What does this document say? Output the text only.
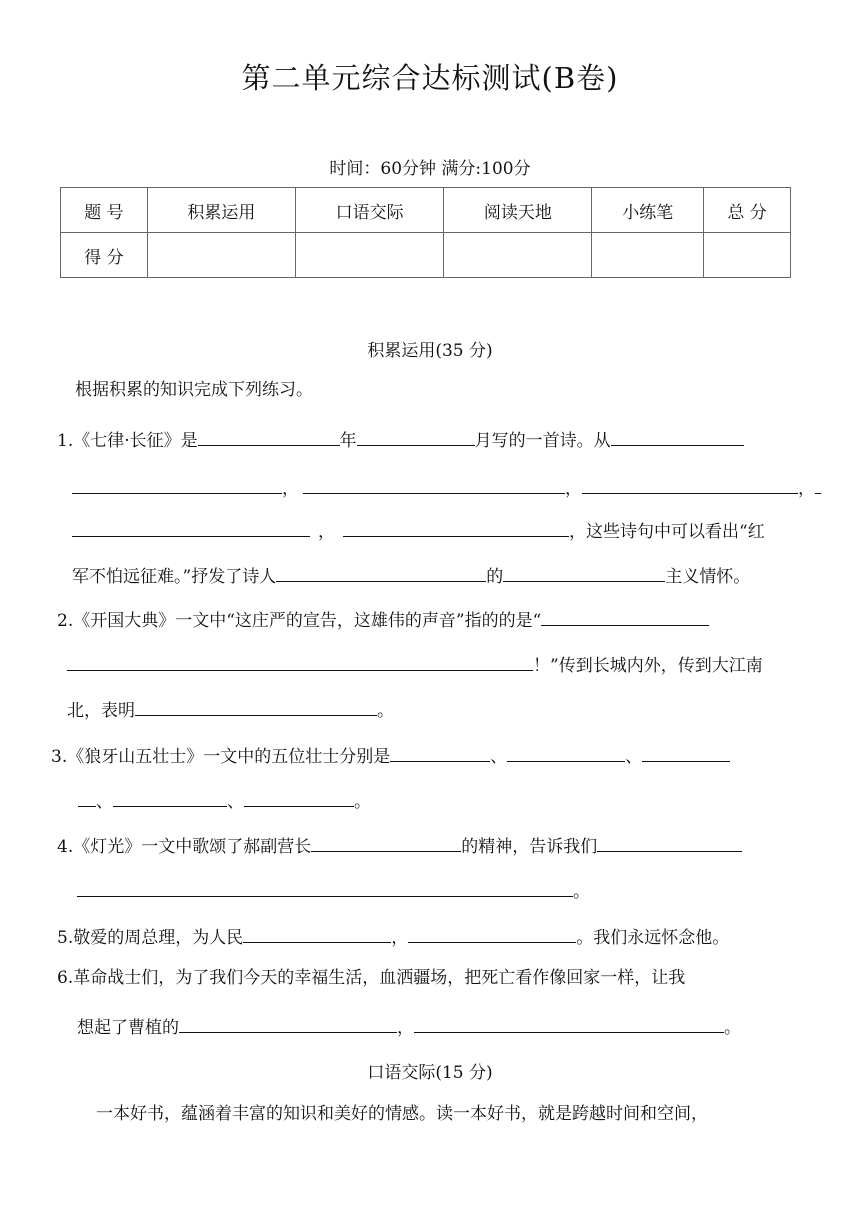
第二单元综合达标测试(B卷)
时间：60分钟 满分:100分
题 号	积累运用	口语交际	阅读天地	小练笔	总 分
得 分					
积累运用(35 分)
根据积累的知识完成下列练习。
1.《七律·长征》是	年	月写的一首诗。从
，	，	，
，	，这些诗句中可以看出“红
军不怕远征难。”抒发了诗人	的	主义情怀。
2.《开国大典》一文中“这庄严的宣告，这雄伟的声音”指的的是“
！”传到长城内外，传到大江南
北，表明	。
3.《狼牙山五壮士》一文中的五位壮士分别是	、	、
、	、	。
4.《灯光》一文中歌颂了郝副营长	的精神，告诉我们
。
5.敬爱的周总理，为人民	，	。我们永远怀念他。
6.革命战士们，为了我们今天的幸福生活，血洒疆场，把死亡看作像回家一样，让我
想起了曹植的	，	。
口语交际(15 分)
一本好书，蕴涵着丰富的知识和美好的情感。读一本好书，就是跨越时间和空间，
